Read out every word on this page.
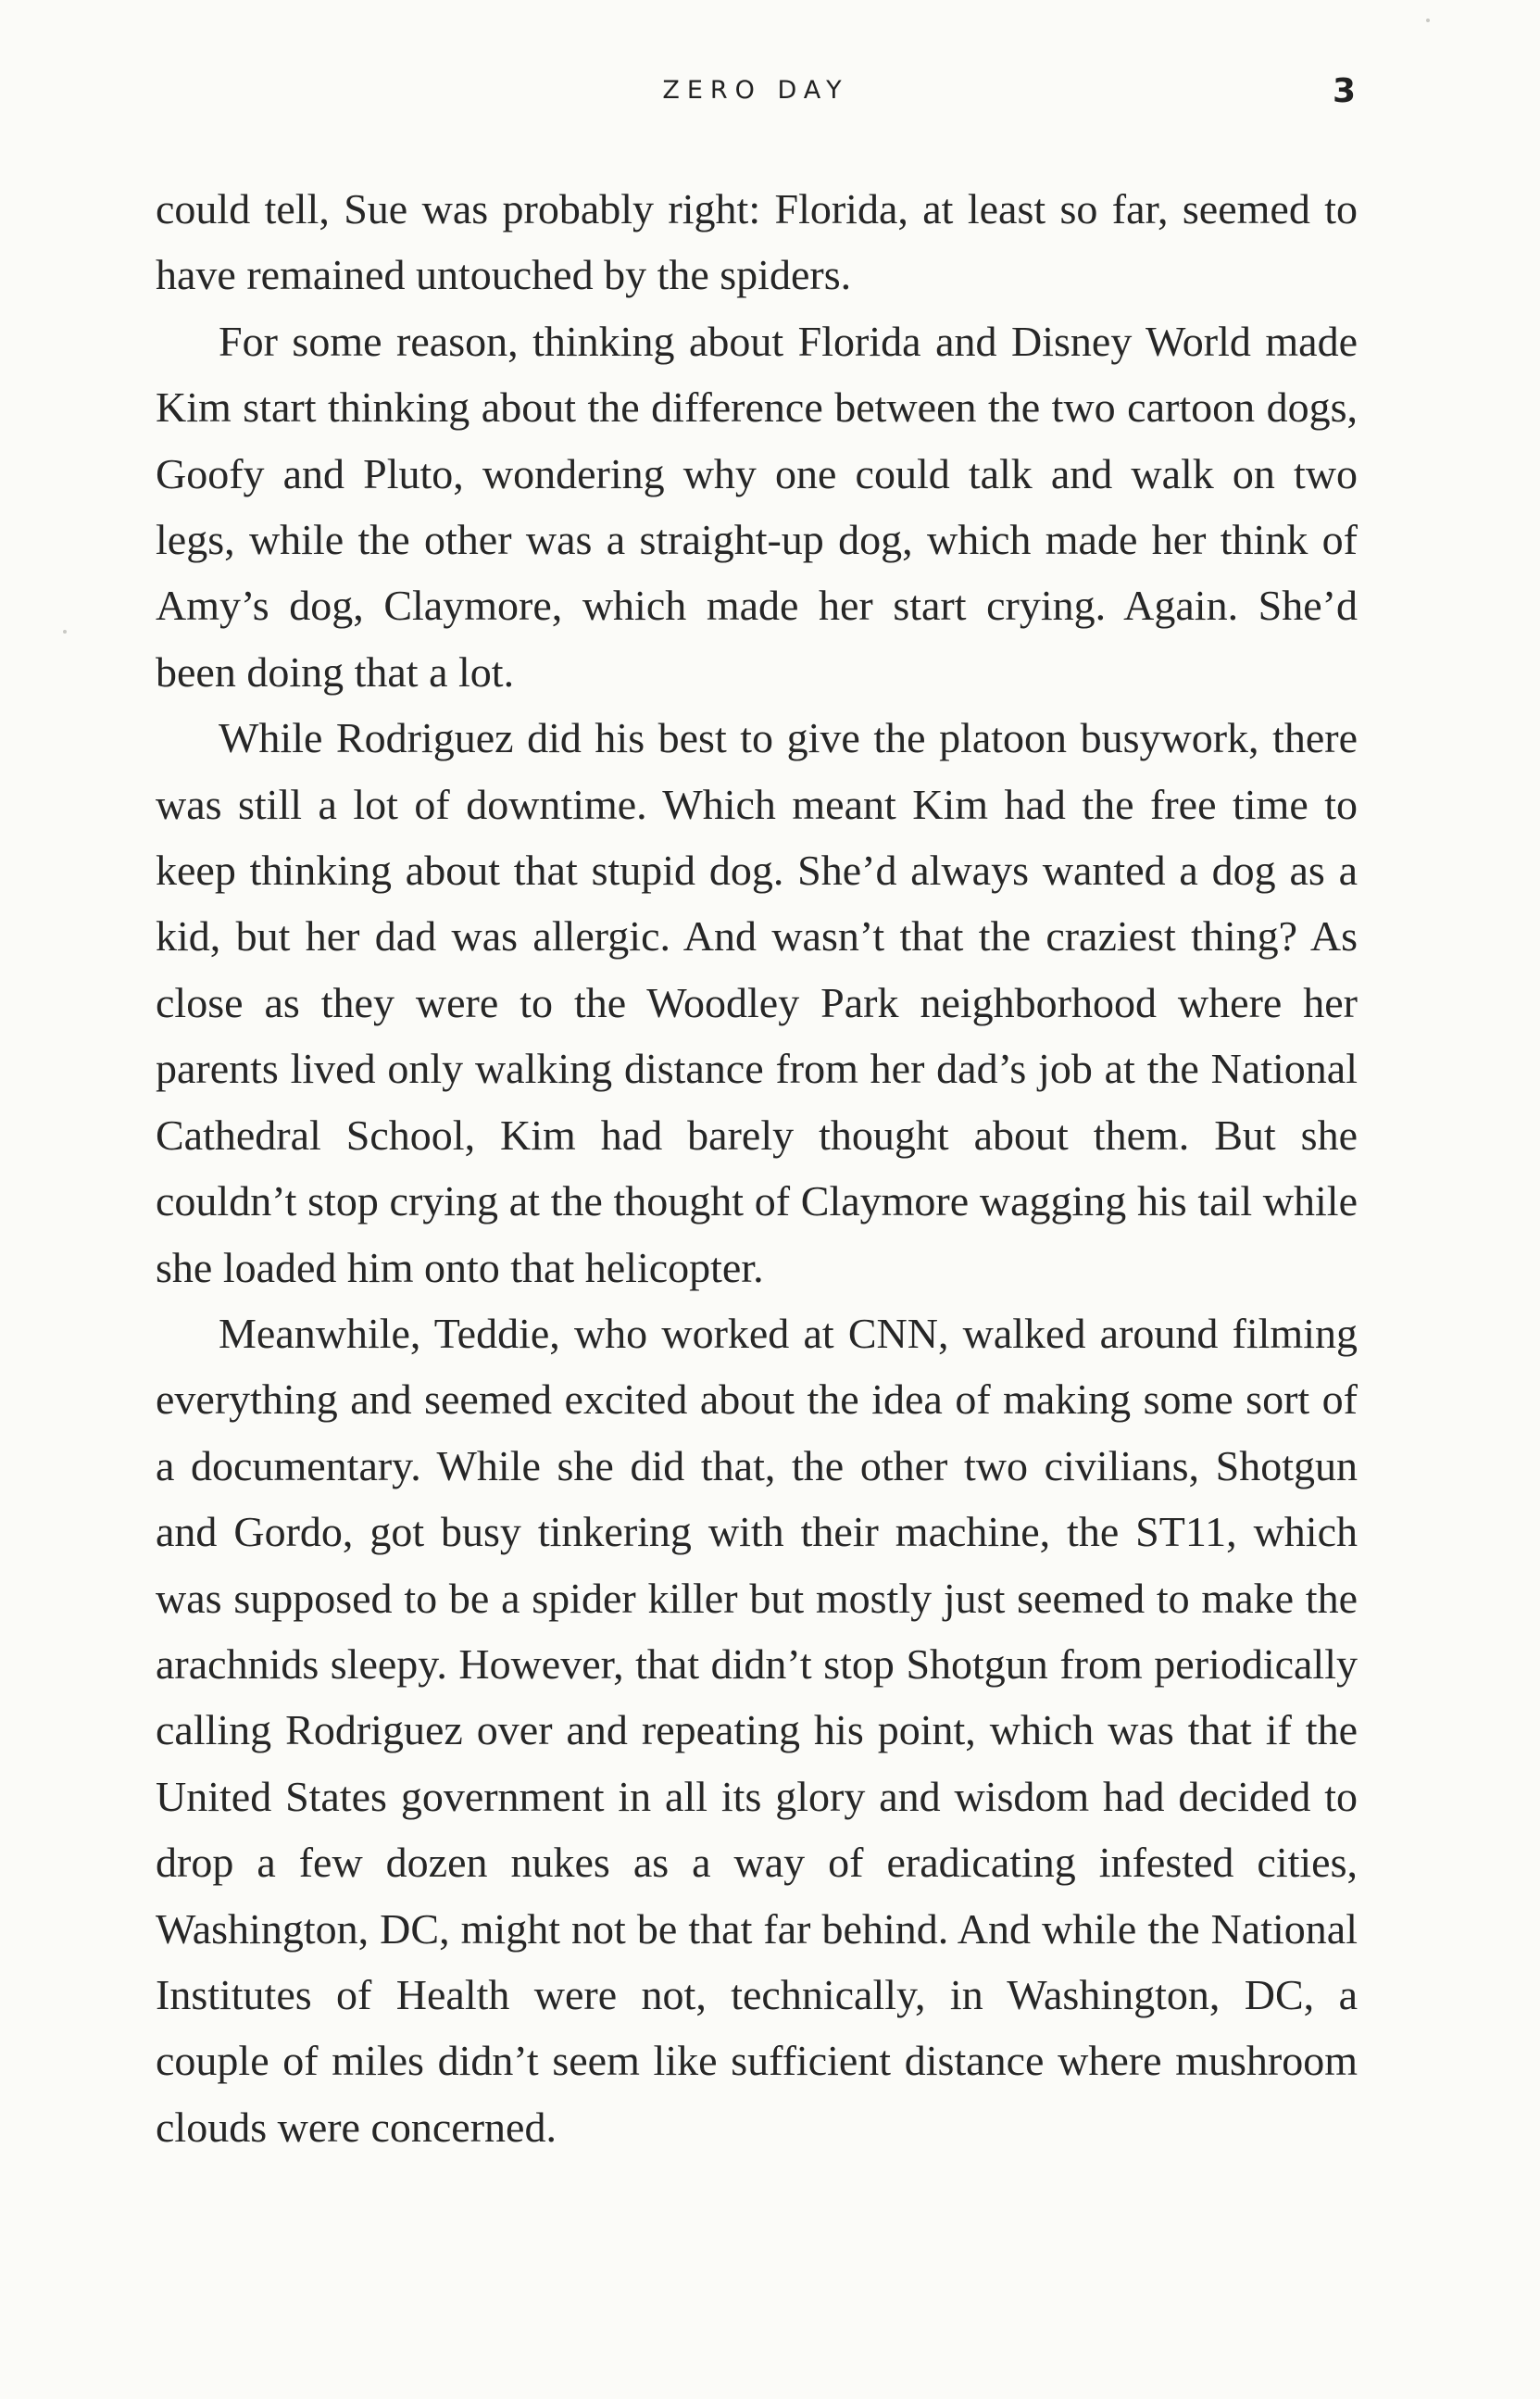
ZERO DAY	3

could tell, Sue was probably right: Florida, at least so far, seemed to have remained untouched by the spiders.

For some reason, thinking about Florida and Disney World made Kim start thinking about the difference between the two cartoon dogs, Goofy and Pluto, wondering why one could talk and walk on two legs, while the other was a straight-up dog, which made her think of Amy’s dog, Claymore, which made her start crying. Again. She’d been doing that a lot.

While Rodriguez did his best to give the platoon busywork, there was still a lot of downtime. Which meant Kim had the free time to keep thinking about that stupid dog. She’d always wanted a dog as a kid, but her dad was allergic. And wasn’t that the craziest thing? As close as they were to the Woodley Park neighborhood where her parents lived only walking distance from her dad’s job at the National Cathedral School, Kim had barely thought about them. But she couldn’t stop crying at the thought of Claymore wagging his tail while she loaded him onto that helicopter.

Meanwhile, Teddie, who worked at CNN, walked around filming everything and seemed excited about the idea of making some sort of a documentary. While she did that, the other two civilians, Shotgun and Gordo, got busy tinkering with their machine, the ST11, which was supposed to be a spider killer but mostly just seemed to make the arachnids sleepy. However, that didn’t stop Shotgun from periodically calling Rodriguez over and repeating his point, which was that if the United States government in all its glory and wisdom had decided to drop a few dozen nukes as a way of eradicating infested cities, Washington, DC, might not be that far behind. And while the National Institutes of Health were not, technically, in Washington, DC, a couple of miles didn’t seem like sufficient distance where mushroom clouds were concerned.
